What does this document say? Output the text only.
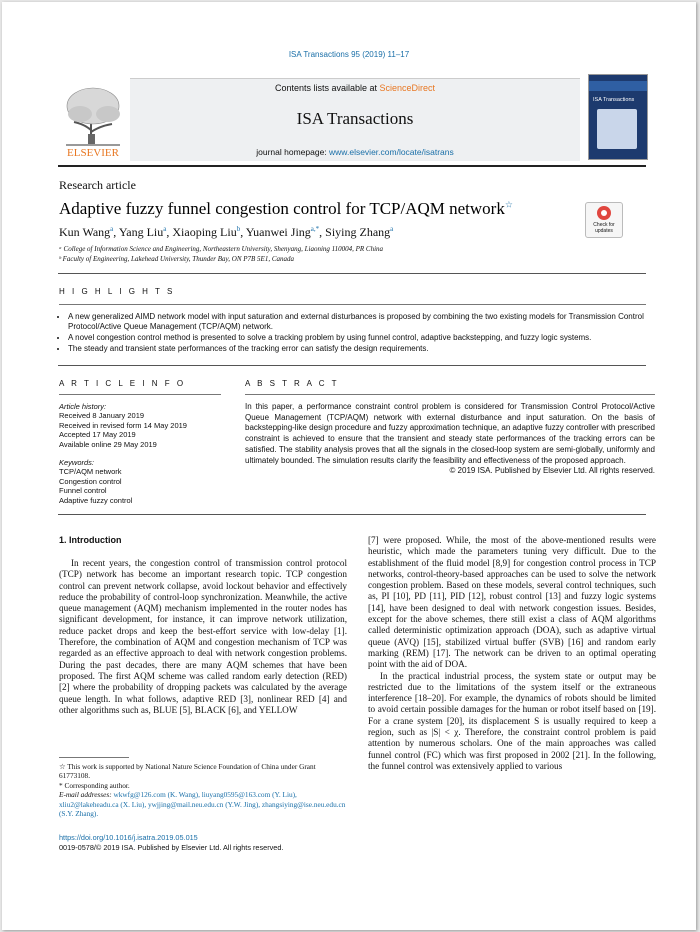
ISA Transactions 95 (2019) 11–17
ELSEVIER
Contents lists available at ScienceDirect
ISA Transactions
journal homepage: www.elsevier.com/locate/isatrans
ISA Transactions
Research article
Adaptive fuzzy funnel congestion control for TCP/AQM network☆
Check for updates
Kun Wang$^a$, Yang Liu$^a$, Xiaoping Liu$^b$, Yuanwei Jing$^{a,*}$, Siying Zhang$^a$
ᵃ College of Information Science and Engineering, Northeastern University, Shenyang, Liaoning 110004, PR China
ᵇ Faculty of Engineering, Lakehead University, Thunder Bay, ON P7B 5E1, Canada
H I G H L I G H T S
• A new generalized AIMD network model with input saturation and external disturbances is proposed by combining the two existing models for Transmission Control Protocol/Active Queue Management (TCP/AQM) network.
• A novel congestion control method is presented to solve a tracking problem by using funnel control, adaptive backstepping, and fuzzy logic systems.
• The steady and transient state performances of the tracking error can satisfy the design requirements.
A R T I C L E I N F O	A B S T R A C T
Article history:
Received 8 January 2019
Received in revised form 14 May 2019
Accepted 17 May 2019
Available online 29 May 2019
Keywords:
TCP/AQM network
Congestion control
Funnel control
Adaptive fuzzy control
In this paper, a performance constraint control problem is considered for Transmission Control Protocol/Active Queue Management (TCP/AQM) network with external disturbance and input saturation. On the basis of backstepping-like design procedure and fuzzy approximation technique, an adaptive fuzzy controller with prescribed constraint is achieved to ensure that the transient and steady state performances of the tracking errors can be satisfied. The stability analysis proves that all the signals in the closed-loop system are semi-globally, uniformly and ultimately bounded. The simulation results clarify the feasibility and effectiveness of the proposed approach.
© 2019 ISA. Published by Elsevier Ltd. All rights reserved.
1. Introduction

In recent years, the congestion control of transmission control protocol (TCP) network has become an important research topic. TCP congestion control can prevent network collapse, avoid lockout behavior and effectively reduce the probability of control-loop synchronization. Meanwhile, the active queue management (AQM) mechanism implemented in the router nodes has significant development, for instance, it can improve network utilization, reduce packet drops and keep the best-effort service with low-delay [1]. Therefore, the combination of AQM and congestion mechanism of TCP was regarded as an effective approach to deal with network congestion problems. During the past decades, there are many AQM schemes that have been proposed. The first AQM scheme was called random early detection (RED) [2] where the probability of dropping packets was calculated by the average queue length. In what follows, adaptive RED [3], nonlinear RED [4] and other algorithms such as, BLUE [5], BLACK [6], and YELLOW

[7] were proposed. While, the most of the above-mentioned results were heuristic, which made the parameters tuning very difficult. Due to the establishment of the fluid model [8,9] for congestion control process in TCP networks, control-theory-based approaches can be used to solve the network congestion problem. Based on these models, several control techniques, such as, PI [10], PD [11], PID [12], robust control [13] and fuzzy logic systems [14], have been designed to deal with network congestion issues. Besides, except for the above schemes, there still exist a class of AQM algorithms called deterministic optimization approach (DOA), such as adaptive virtual queue (AVQ) [15], stabilized virtual buffer (SVB) [16] and random early marking (REM) [17]. The network can be driven to an optimal operating point with the aid of DOA.

In the practical industrial process, the system state or output may be restricted due to the limitations of the system itself or the extraneous interference [18–20]. For example, the dynamics of robots should be limited to avoid certain possible damages for the human or robot itself based on [19]. For a crane system [20], its displacement S is usually required to keep a region, such as |S| < χ. Therefore, the constraint control problem is paid attention by numerous scholars. One of the main approaches was called funnel control (FC) which was first proposed in 2002 [21]. In the following, the funnel control was extensively applied to various

☆ This work is supported by National Nature Science Foundation of China under Grant 61773108.
* Corresponding author.
E-mail addresses: wkwfg@126.com (K. Wang), liuyang0595@163.com (Y. Liu), xliu2@lakeheadu.ca (X. Liu), ywjjing@mail.neu.edu.cn (Y.W. Jing), zhangsiying@ise.neu.edu.cn (S.Y. Zhang).
https://doi.org/10.1016/j.isatra.2019.05.015
0019-0578/© 2019 ISA. Published by Elsevier Ltd. All rights reserved.
